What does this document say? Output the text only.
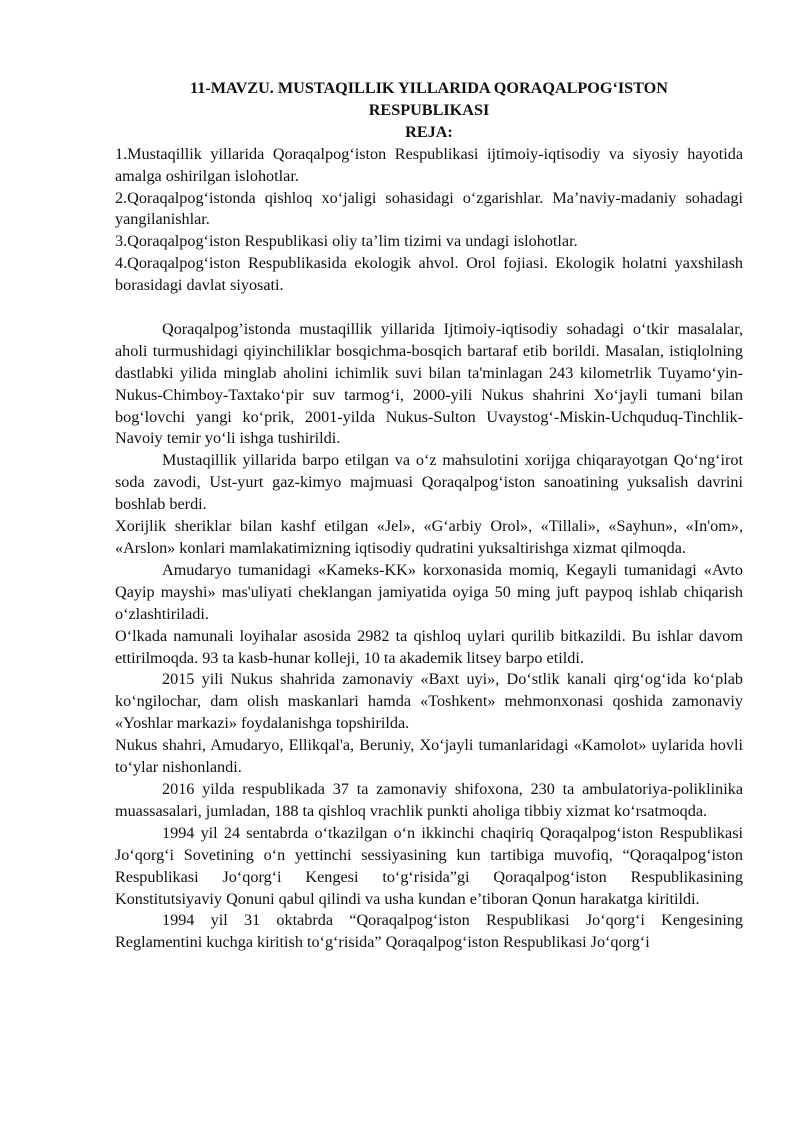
11-MAVZU. MUSTAQILLIK YILLARIDA QORAQALPOG‘ISTON
RESPUBLIKASI
REJA:
1.Mustaqillik yillarida Qoraqalpog‘iston Respublikasi ijtimoiy-iqtisodiy va siyosiy hayotida amalga oshirilgan islohotlar.
2.Qoraqalpog‘istonda qishloq xo‘jaligi sohasidagi o‘zgarishlar. Ma’naviy-madaniy sohadagi yangilanishlar.
3.Qoraqalpog‘iston Respublikasi oliy ta’lim tizimi va undagi islohotlar.
4.Qoraqalpog‘iston Respublikasida ekologik ahvol. Orol fojiasi. Ekologik holatni yaxshilash borasidagi davlat siyosati.

Qoraqalpog’istonda mustaqillik yillarida Ijtimoiy-iqtisodiy sohadagi o‘tkir masalalar, aholi turmushidagi qiyinchiliklar bosqichma-bosqich bartaraf etib borildi. Masalan, istiqlolning dastlabki yilida minglab aholini ichimlik suvi bilan ta'minlagan 243 kilometrlik Tuyamo‘yin-Nukus-Chimboy-Taxtako‘pir suv tarmog‘i, 2000-yili Nukus shahrini Xo‘jayli tumani bilan bog‘lovchi yangi ko‘prik, 2001-yilda Nukus-Sulton Uvaystog‘-Miskin-Uchquduq-Tinchlik-Navoiy temir yo‘li ishga tushirildi.

Mustaqillik yillarida barpo etilgan va o‘z mahsulotini xorijga chiqarayotgan Qo‘ng‘irot soda zavodi, Ust-yurt gaz-kimyo majmuasi Qoraqalpog‘iston sanoatining yuksalish davrini boshlab berdi.

Xorijlik sheriklar bilan kashf etilgan «Jel», «G‘arbiy Orol», «Tillali», «Sayhun», «In'om», «Arslon» konlari mamlakatimizning iqtisodiy qudratini yuksaltirishga xizmat qilmoqda.

Amudaryo tumanidagi «Kameks-KK» korxonasida momiq, Kegayli tumanidagi «Avto Qayip mayshi» mas'uliyati cheklangan jamiyatida oyiga 50 ming juft paypoq ishlab chiqarish o‘zlashtiriladi.

O‘lkada namunali loyihalar asosida 2982 ta qishloq uylari qurilib bitkazildi. Bu ishlar davom ettirilmoqda. 93 ta kasb-hunar kolleji, 10 ta akademik litsey barpo etildi.

2015 yili Nukus shahrida zamonaviy «Baxt uyi», Do‘stlik kanali qirg‘og‘ida ko‘plab ko‘ngilochar, dam olish maskanlari hamda «Toshkent» mehmonxonasi qoshida zamonaviy «Yoshlar markazi» foydalanishga topshirilda.

Nukus shahri, Amudaryo, Ellikqal'a, Beruniy, Xo‘jayli tumanlaridagi «Kamolot» uylarida hovli to‘ylar nishonlandi.

2016 yilda respublikada 37 ta zamonaviy shifoxona, 230 ta ambulatoriya-poliklinika muassasalari, jumladan, 188 ta qishloq vrachlik punkti aholiga tibbiy xizmat ko‘rsatmoqda.

1994 yil 24 sentabrda o‘tkazilgan o‘n ikkinchi chaqiriq Qoraqalpog‘iston Respublikasi Jo‘qorg‘i Sovetining o‘n yettinchi sessiyasining kun tartibiga muvofiq, “Qoraqalpog‘iston Respublikasi Jo‘qorg‘i Kengesi to‘g‘risida”gi Qoraqalpog‘iston Respublikasining Konstitutsiyaviy Qonuni qabul qilindi va usha kundan e’tiboran Qonun harakatga kiritildi.

1994 yil 31 oktabrda “Qoraqalpog‘iston Respublikasi Jo‘qorg‘i Kengesining Reglamentini kuchga kiritish to‘g‘risida” Qoraqalpog‘iston Respublikasi Jo‘qorg‘i
